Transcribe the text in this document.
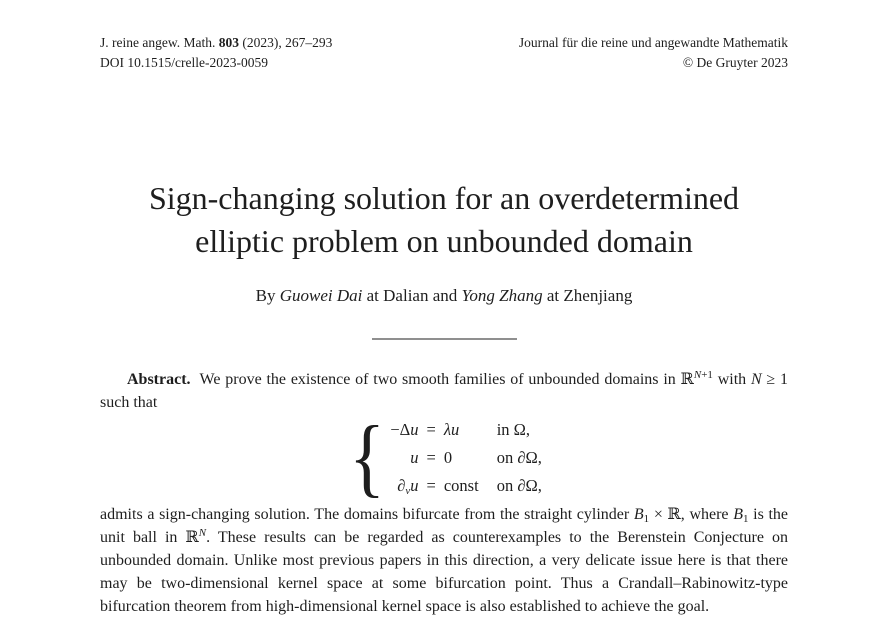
J. reine angew. Math. 803 (2023), 267–293
DOI 10.1515/crelle-2023-0059
Journal für die reine und angewandte Mathematik
© De Gruyter 2023
Sign-changing solution for an overdetermined
elliptic problem on unbounded domain
By Guowei Dai at Dalian and Yong Zhang at Zhenjiang

Abstract. We prove the existence of two smooth families of unbounded domains in ℝ$^{N+1}$ with N ≥ 1 such that

{ −Δu = λu	in Ω,
u = 0	on ∂Ω,
$\partial_\nu u$ = const on ∂Ω,

admits a sign-changing solution. The domains bifurcate from the straight cylinder $B_1$ × ℝ, where $B_1$ is the unit ball in ℝ$^N$. These results can be regarded as counterexamples to the Berenstein Conjecture on unbounded domain. Unlike most previous papers in this direction, a very delicate issue here is that there may be two-dimensional kernel space at some bifurcation point. Thus a Crandall–Rabinowitz-type bifurcation theorem from high-dimensional kernel space is also established to achieve the goal.
